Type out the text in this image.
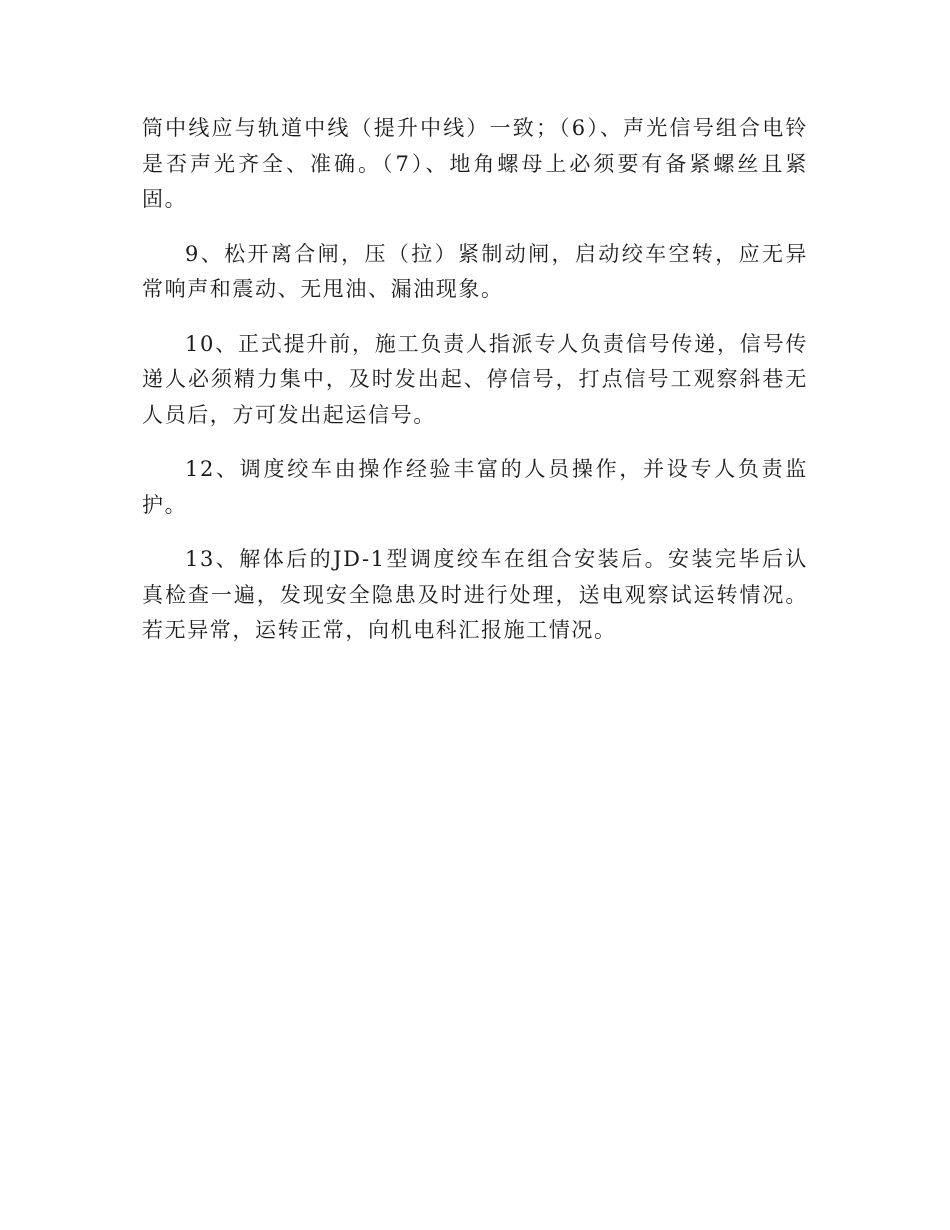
筒中线应与轨道中线（提升中线）一致；（6）、声光信号组合电铃是否声光齐全、准确。（7）、地角螺母上必须要有备紧螺丝且紧固。

9、松开离合闸，压（拉）紧制动闸，启动绞车空转，应无异常响声和震动、无甩油、漏油现象。

10、正式提升前，施工负责人指派专人负责信号传递，信号传递人必须精力集中，及时发出起、停信号，打点信号工观察斜巷无人员后，方可发出起运信号。

12、调度绞车由操作经验丰富的人员操作，并设专人负责监护。

13、解体后的JD-1型调度绞车在组合安装后。安装完毕后认真检查一遍，发现安全隐患及时进行处理，送电观察试运转情况。若无异常，运转正常，向机电科汇报施工情况。
